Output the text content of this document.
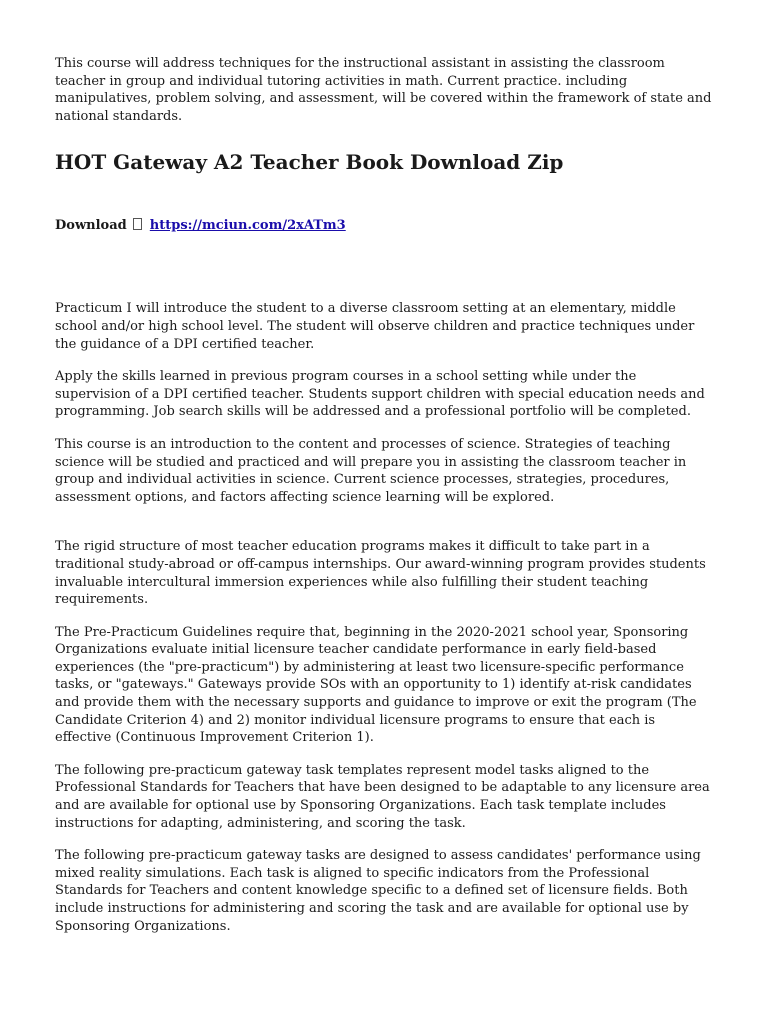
This course will address techniques for the instructional assistant in assisting the classroom teacher in group and individual tutoring activities in math. Current practice. including manipulatives, problem solving, and assessment, will be covered within the framework of state and national standards.

HOT Gateway A2 Teacher Book Download Zip
Download https://mciun.com/2xATm3

Practicum I will introduce the student to a diverse classroom setting at an elementary, middle school and/or high school level. The student will observe children and practice techniques under the guidance of a DPI certified teacher.

Apply the skills learned in previous program courses in a school setting while under the supervision of a DPI certified teacher. Students support children with special education needs and programming. Job search skills will be addressed and a professional portfolio will be completed.

This course is an introduction to the content and processes of science. Strategies of teaching science will be studied and practiced and will prepare you in assisting the classroom teacher in group and individual activities in science. Current science processes, strategies, procedures, assessment options, and factors affecting science learning will be explored.

The rigid structure of most teacher education programs makes it difficult to take part in a traditional study-abroad or off-campus internships. Our award-winning program provides students invaluable intercultural immersion experiences while also fulfilling their student teaching requirements.

The Pre-Practicum Guidelines require that, beginning in the 2020-2021 school year, Sponsoring Organizations evaluate initial licensure teacher candidate performance in early field-based experiences (the "pre-practicum") by administering at least two licensure-specific performance tasks, or "gateways." Gateways provide SOs with an opportunity to 1) identify at-risk candidates and provide them with the necessary supports and guidance to improve or exit the program (The Candidate Criterion 4) and 2) monitor individual licensure programs to ensure that each is effective (Continuous Improvement Criterion 1).

The following pre-practicum gateway task templates represent model tasks aligned to the Professional Standards for Teachers that have been designed to be adaptable to any licensure area and are available for optional use by Sponsoring Organizations. Each task template includes instructions for adapting, administering, and scoring the task.

The following pre-practicum gateway tasks are designed to assess candidates' performance using mixed reality simulations. Each task is aligned to specific indicators from the Professional Standards for Teachers and content knowledge specific to a defined set of licensure fields. Both include instructions for administering and scoring the task and are available for optional use by Sponsoring Organizations.
